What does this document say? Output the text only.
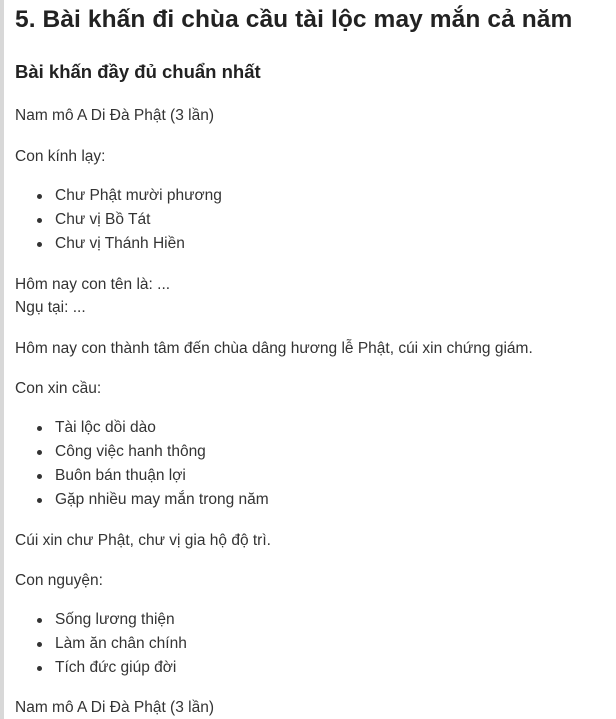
5. Bài khấn đi chùa cầu tài lộc may mắn cả năm
Bài khấn đầy đủ chuẩn nhất

Nam mô A Di Đà Phật (3 lần)

Con kính lạy:

Chư Phật mười phương
Chư vị Bồ Tát
Chư vị Thánh Hiền

Hôm nay con tên là: ...

Ngụ tại: ...

Hôm nay con thành tâm đến chùa dâng hương lễ Phật, cúi xin chứng giám.

Con xin cầu:

Tài lộc dồi dào
Công việc hanh thông
Buôn bán thuận lợi
Gặp nhiều may mắn trong năm

Cúi xin chư Phật, chư vị gia hộ độ trì.

Con nguyện:

Sống lương thiện
Làm ăn chân chính
Tích đức giúp đời

Nam mô A Di Đà Phật (3 lần)
